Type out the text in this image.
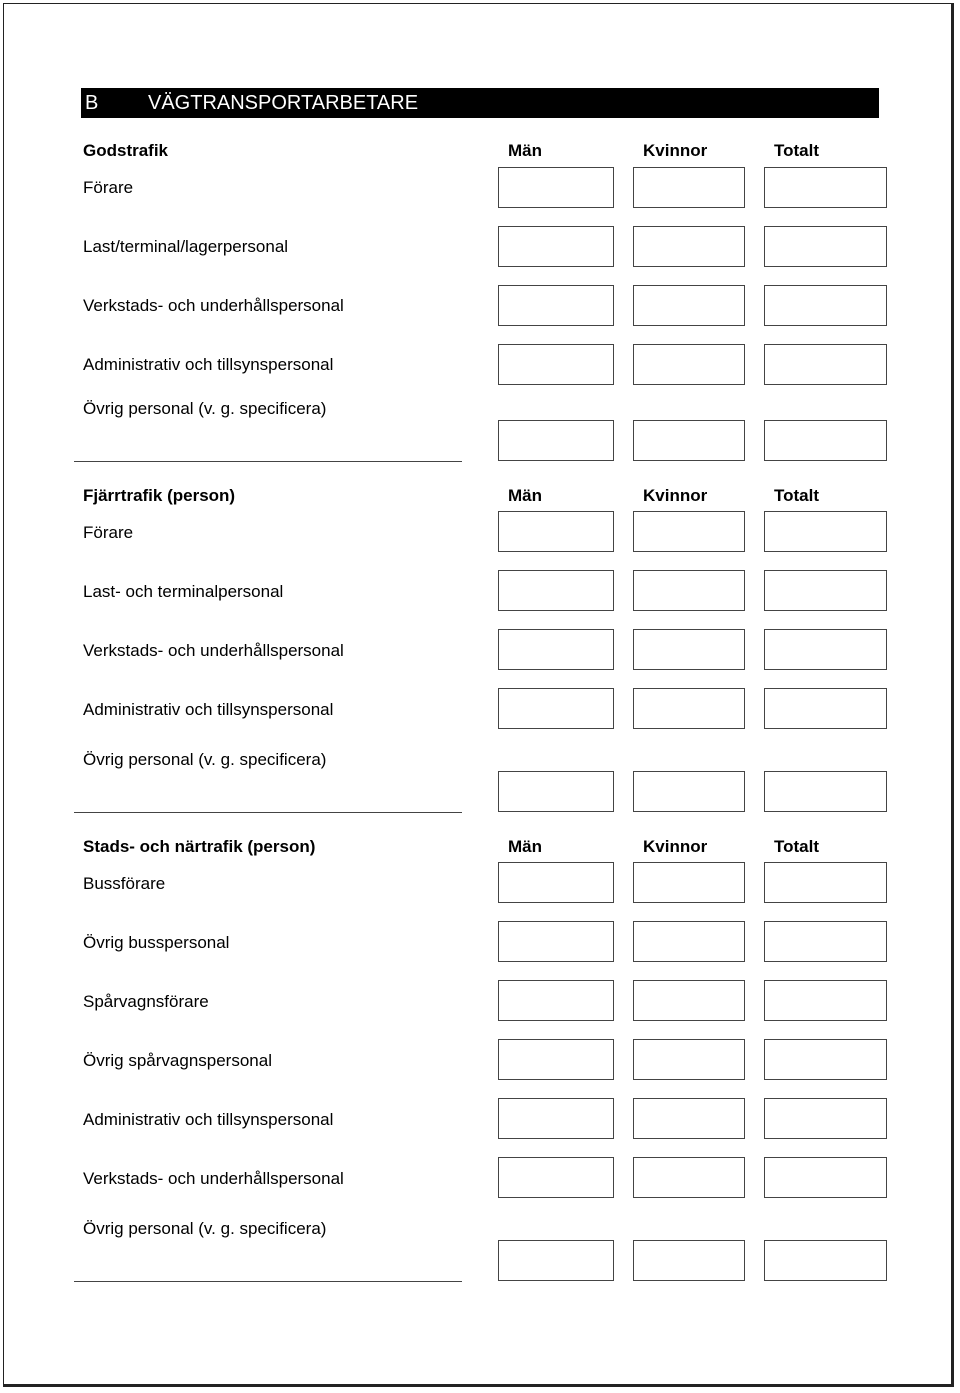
B VÄGTRANSPORTARBETARE
Godstrafik	Män	Kvinnor	Totalt
Förare
Last/terminal/lagerpersonal
Verkstads- och underhållspersonal
Administrativ och tillsynspersonal
Övrig personal (v. g. specificera)
Fjärrtrafik (person)	Män	Kvinnor	Totalt
Förare
Last- och terminalpersonal
Verkstads- och underhållspersonal
Administrativ och tillsynspersonal
Övrig personal (v. g. specificera)
Stads- och närtrafik (person)	Män	Kvinnor	Totalt
Bussförare
Övrig busspersonal
Spårvagnsförare
Övrig spårvagnspersonal
Administrativ och tillsynspersonal
Verkstads- och underhållspersonal
Övrig personal (v. g. specificera)
